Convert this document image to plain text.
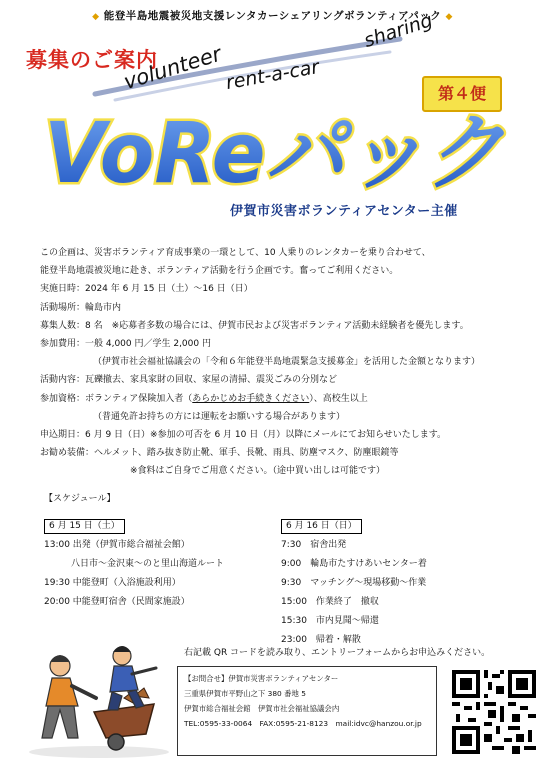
◆ 能登半島地震被災地支援レンタカーシェアリングボランティアパック ◆
募集のご案内
volunteer rent-a-car
sharing
第４便
VoReパック
伊賀市災害ボランティアセンター主催
この企画は、災害ボランティア育成事業の一環として、10 人乗りのレンタカーを乗り合わせて、
能登半島地震被災地に赴き、ボランティア活動を行う企画です。奮ってご利用ください。
実施日時：2024 年 6 月 15 日（土）～16 日（日）
活動場所：輪島市内
募集人数：8 名　※応募者多数の場合には、伊賀市民および災害ボランティア活動未経験者を優先します。
参加費用：一般 4,000 円／学生 2,000 円
（伊賀市社会福祉協議会の「令和６年能登半島地震緊急支援募金」を活用した金額となります）
活動内容：瓦礫撤去、家具家財の回収、家屋の清掃、震災ごみの分別など
参加資格：ボランティア保険加入者（あらかじめお手続きください）、高校生以上
（普通免許お持ちの方には運転をお願いする場合があります）
申込期日：6 月 9 日（日）※参加の可否を 6 月 10 日（月）以降にメールにてお知らせいたします。
お勧め装備：ヘルメット、踏み抜き防止靴、軍手、長靴、雨具、防塵マスク、防塵眼鏡等
※食料はご自身でご用意ください。（途中買い出しは可能です）
【スケジュール】
6 月 15 日（土）
13:00 出発（伊賀市総合福祉会館）
　　　八日市～金沢東～のと里山海道ルート
19:30 中能登町（入浴施設利用）
20:00 中能登町宿舎（民間家施設）
6 月 16 日（日）
7:30　宿舎出発
9:00　輪島市たすけあいセンター着
9:30　マッチング～現場移動～作業
15:00　作業終了　撤収
15:30　市内見聞～帰還
23:00　帰着・解散
右記載 QR コードを読み取り、エントリーフォームからお申込みください。
【お問合せ】伊賀市災害ボランティアセンター
三重県伊賀市平野山之下 380 番地 5
伊賀市総合福祉会館　伊賀市社会福祉協議会内
TEL:0595-33-0064　FAX:0595-21-8123　mail:idvc@hanzou.or.jp
